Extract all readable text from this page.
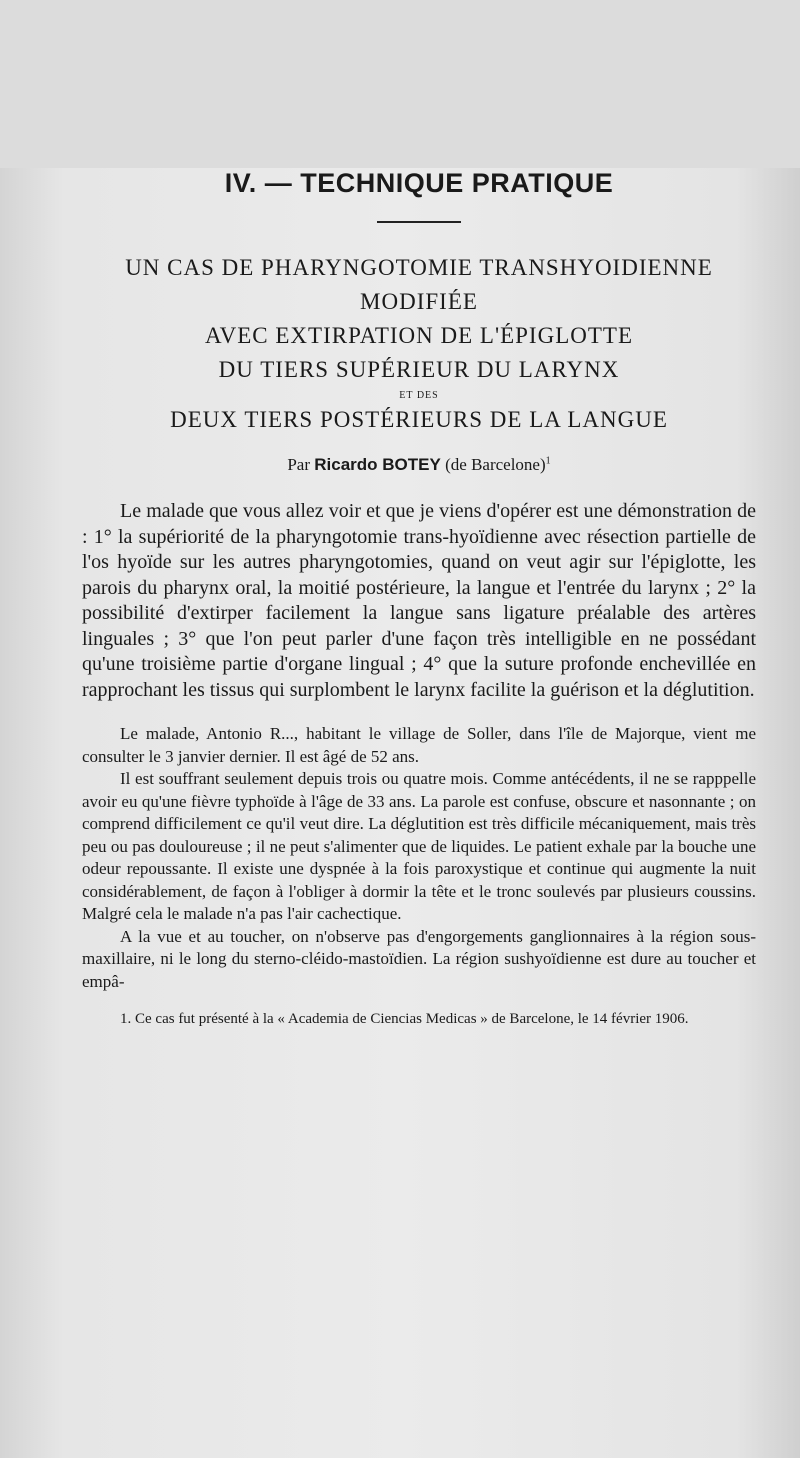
IV. — TECHNIQUE PRATIQUE
UN CAS DE PHARYNGOTOMIE TRANSHYOIDIENNE
MODIFIÉE
AVEC EXTIRPATION DE L'ÉPIGLOTTE
DU TIERS SUPÉRIEUR DU LARYNX
ET DES
DEUX TIERS POSTÉRIEURS DE LA LANGUE
Par Ricardo BOTEY (de Barcelone)$^1$

Le malade que vous allez voir et que je viens d'opérer est une démonstration de : 1° la supériorité de la pharyngotomie trans-hyoïdienne avec résection partielle de l'os hyoïde sur les autres pharyngotomies, quand on veut agir sur l'épiglotte, les parois du pharynx oral, la moitié postérieure, la langue et l'entrée du larynx ; 2° la possibilité d'extirper facilement la langue sans ligature préalable des artères linguales ; 3° que l'on peut parler d'une façon très intelligible en ne possédant qu'une troisième partie d'organe lingual ; 4° que la suture profonde enchevillée en rapprochant les tissus qui surplombent le larynx facilite la guérison et la déglutition.

Le malade, Antonio R..., habitant le village de Soller, dans l'île de Majorque, vient me consulter le 3 janvier dernier. Il est âgé de 52 ans.

Il est souffrant seulement depuis trois ou quatre mois. Comme antécédents, il ne se rapppelle avoir eu qu'une fièvre typhoïde à l'âge de 33 ans. La parole est confuse, obscure et nasonnante ; on comprend difficilement ce qu'il veut dire. La déglutition est très difficile mécaniquement, mais très peu ou pas douloureuse ; il ne peut s'alimenter que de liquides. Le patient exhale par la bouche une odeur repoussante. Il existe une dyspnée à la fois paroxystique et continue qui augmente la nuit considérablement, de façon à l'obliger à dormir la tête et le tronc soulevés par plusieurs coussins. Malgré cela le malade n'a pas l'air cachectique.

A la vue et au toucher, on n'observe pas d'engorgements ganglionnaires à la région sous-maxillaire, ni le long du sterno-cléido-mastoïdien. La région sushyoïdienne est dure au toucher et empâ-

1. Ce cas fut présenté à la « Academia de Ciencias Medicas » de Barcelone, le 14 février 1906.
